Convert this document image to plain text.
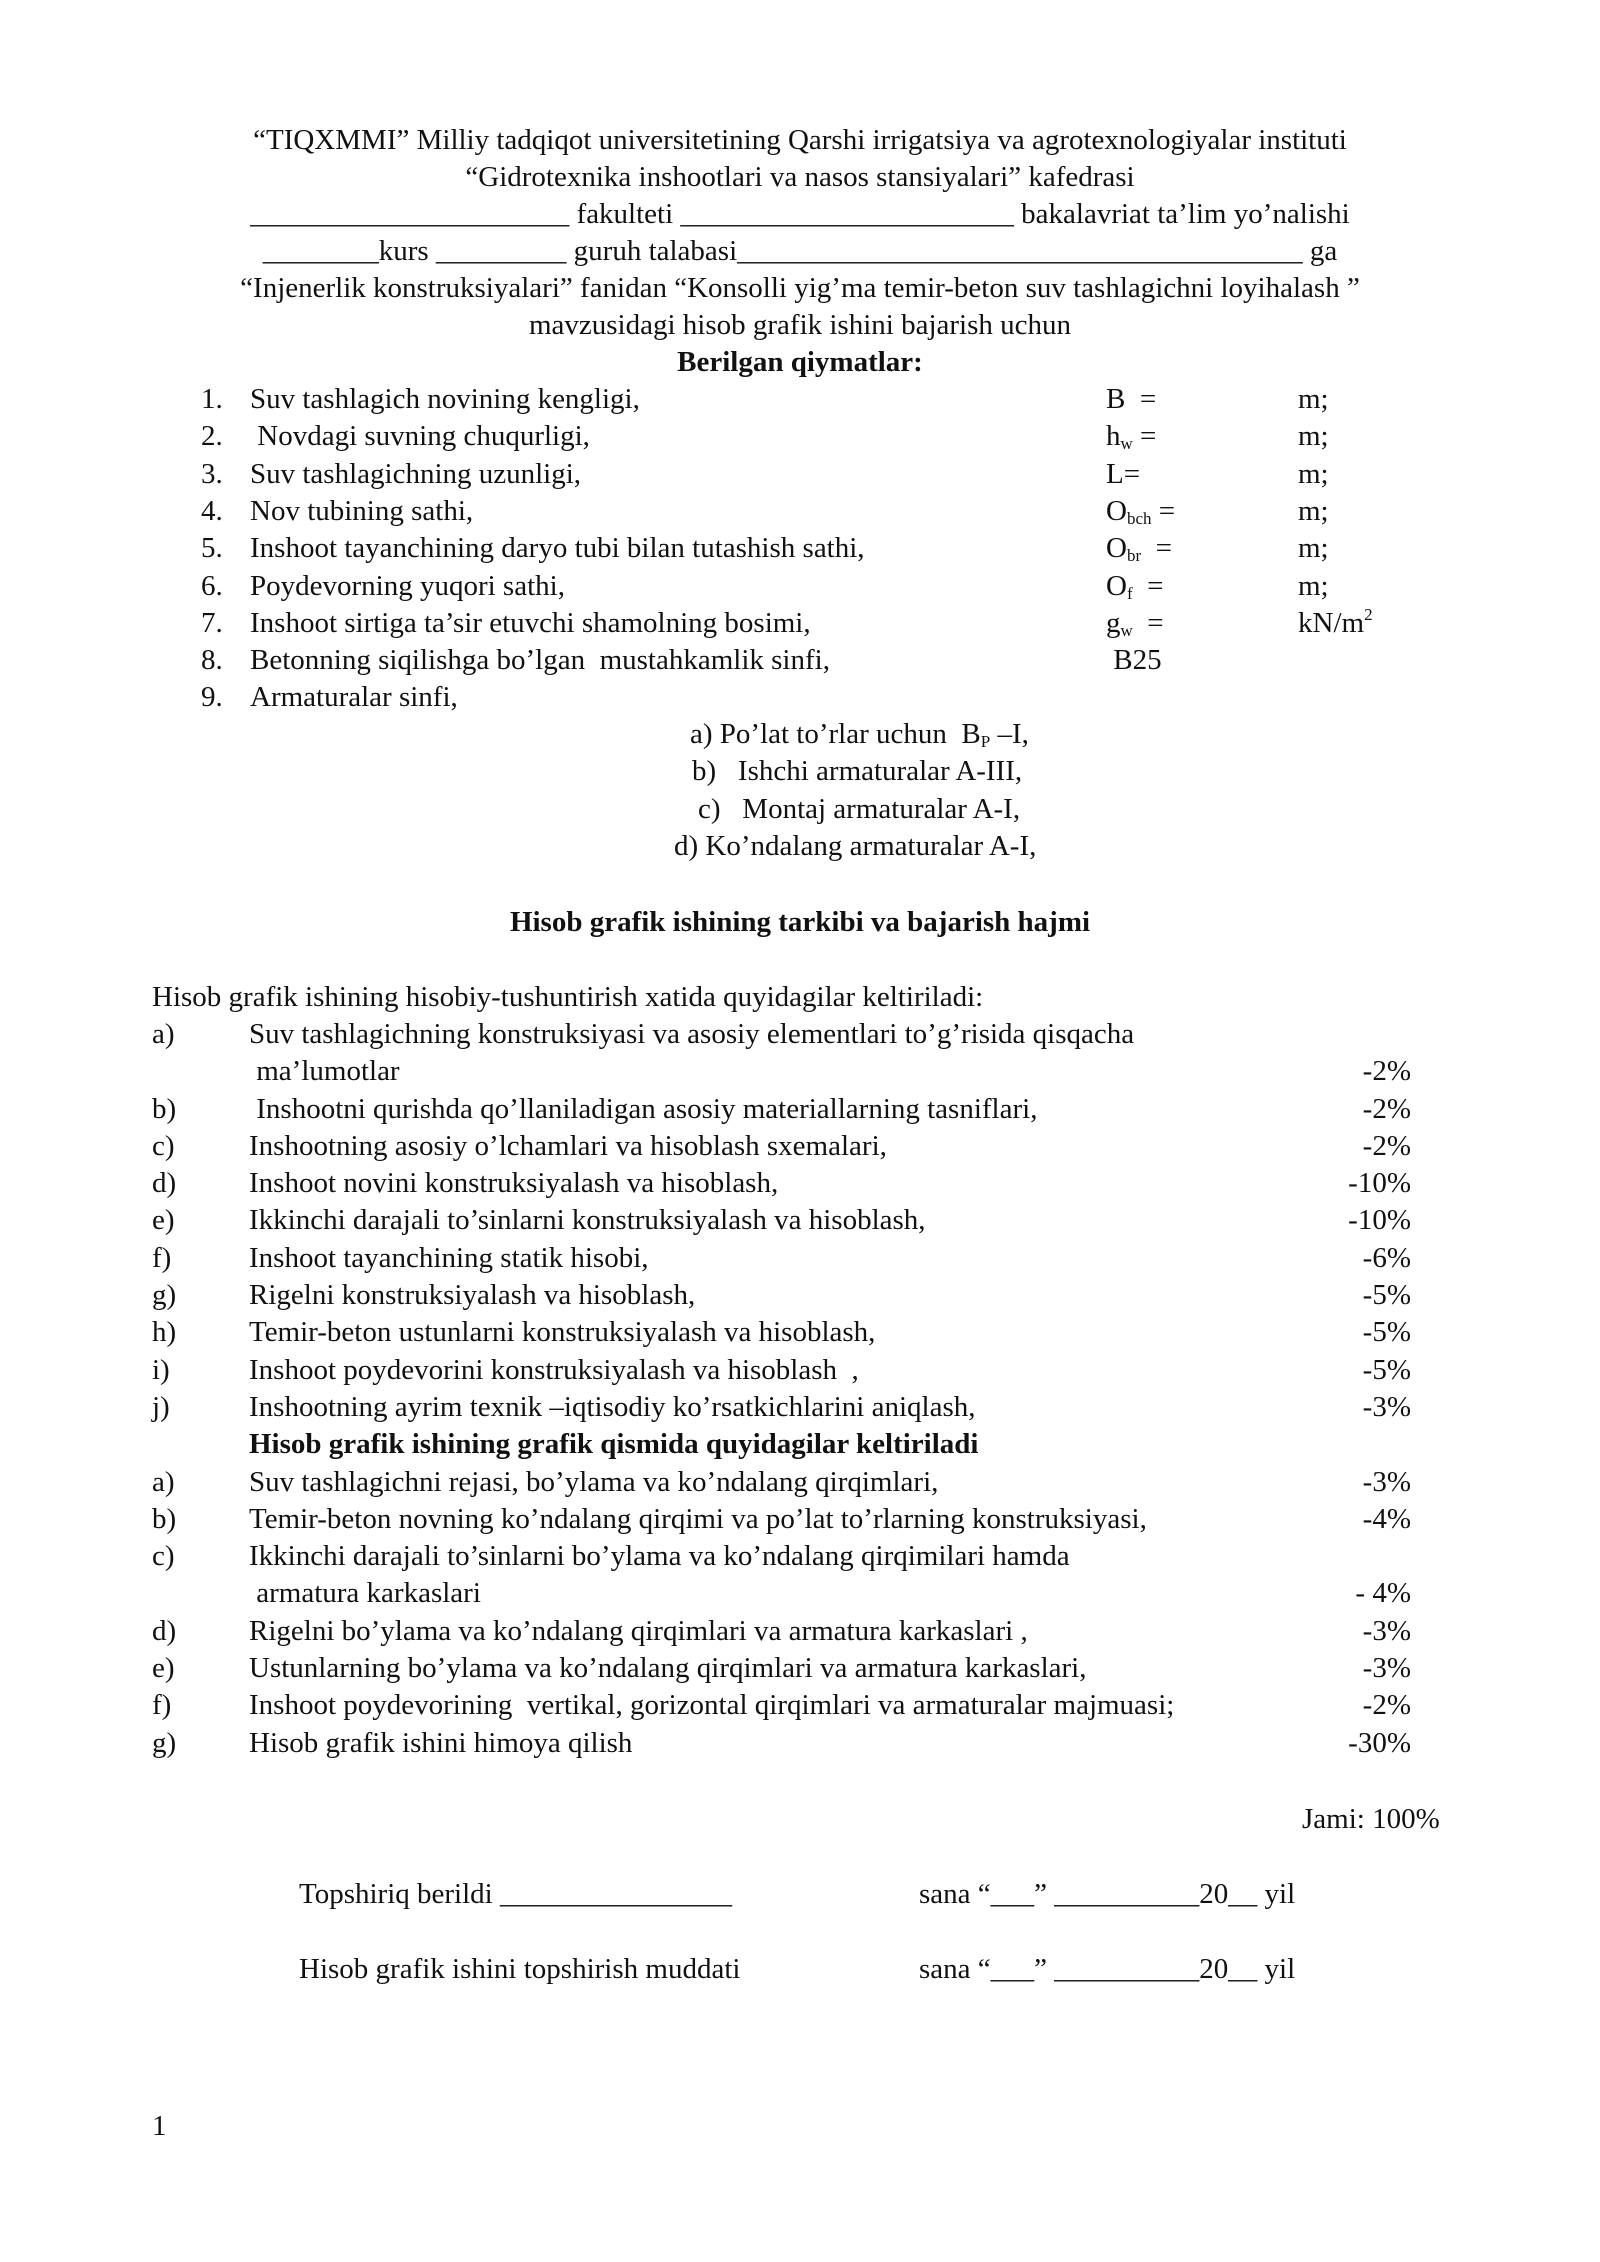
“TIQXMMI” Milliy tadqiqot universitetining Qarshi irrigatsiya va agrotexnologiyalar instituti
“Gidrotexnika inshootlari va nasos stansiyalari” kafedrasi
______________________ fakulteti _______________________ bakalavriat ta’lim yo’nalishi
________kurs _________ guruh talabasi_______________________________________ ga
“Injenerlik konstruksiyalari” fanidan “Konsolli yig’ma temir-beton suv tashlagichni loyihalash ”
mavzusidagi hisob grafik ishini bajarish uchun
Berilgan qiymatlar:
1. Suv tashlagich novining kengligi,	B  =	m;
2. Novdagi suvning chuqurligi,	$h_w$ =	m;
3. Suv tashlagichning uzunligi,	L=	m;
4. Nov tubining sathi,	$O_{bch}$ =	m;
5. Inshoot tayanchining daryo tubi bilan tutashish sathi,	$O_{br}$  =	m;
6. Poydevorning yuqori sathi,	$O_f$  =	m;
7. Inshoot sirtiga ta’sir etuvchi shamolning bosimi,	$g_w$  =	$kN/m^2$
8. Betonning siqilishga bo’lgan  mustahkamlik sinfi,	B25
9. Armaturalar sinfi,
a) Po’lat to’rlar uchun  $B_P$ –I,
b)   Ishchi armaturalar A-III,
c)   Montaj armaturalar A-I,
d) Ko’ndalang armaturalar A-I,
Hisob grafik ishining tarkibi va bajarish hajmi
Hisob grafik ishining hisobiy-tushuntirish xatida quyidagilar keltiriladi:
a)	Suv tashlagichning konstruksiyasi va asosiy elementlari to’g’risida qisqacha
ma’lumotlar	-2%
b)	Inshootni qurishda qo’llaniladigan asosiy materiallarning tasniflari,	-2%
c)	Inshootning asosiy o’lchamlari va hisoblash sxemalari,	-2%
d)	Inshoot novini konstruksiyalash va hisoblash,	-10%
e)	Ikkinchi darajali to’sinlarni konstruksiyalash va hisoblash,	-10%
f)	Inshoot tayanchining statik hisobi,	-6%
g)	Rigelni konstruksiyalash va hisoblash,	-5%
h)	Temir-beton ustunlarni konstruksiyalash va hisoblash,	-5%
i)	Inshoot poydevorini konstruksiyalash va hisoblash  ,	-5%
j)	Inshootning ayrim texnik –iqtisodiy ko’rsatkichlarini aniqlash,	-3%
Hisob grafik ishining grafik qismida quyidagilar keltiriladi
a)	Suv tashlagichni rejasi, bo’ylama va ko’ndalang qirqimlari,	-3%
b)	Temir-beton novning ko’ndalang qirqimi va po’lat to’rlarning konstruksiyasi,	-4%
c)	Ikkinchi darajali to’sinlarni bo’ylama va ko’ndalang qirqimilari hamda
armatura karkaslari	- 4%
d)	Rigelni bo’ylama va ko’ndalang qirqimlari va armatura karkaslari ,	-3%
e)	Ustunlarning bo’ylama va ko’ndalang qirqimlari va armatura karkaslari,	-3%
f)	Inshoot poydevorining  vertikal, gorizontal qirqimlari va armaturalar majmuasi;	-2%
g)	Hisob grafik ishini himoya qilish	-30%
Jami: 100%
Topshiriq berildi ________________	sana “___” __________20__ yil
Hisob grafik ishini topshirish muddati	sana “___” __________20__ yil
1
